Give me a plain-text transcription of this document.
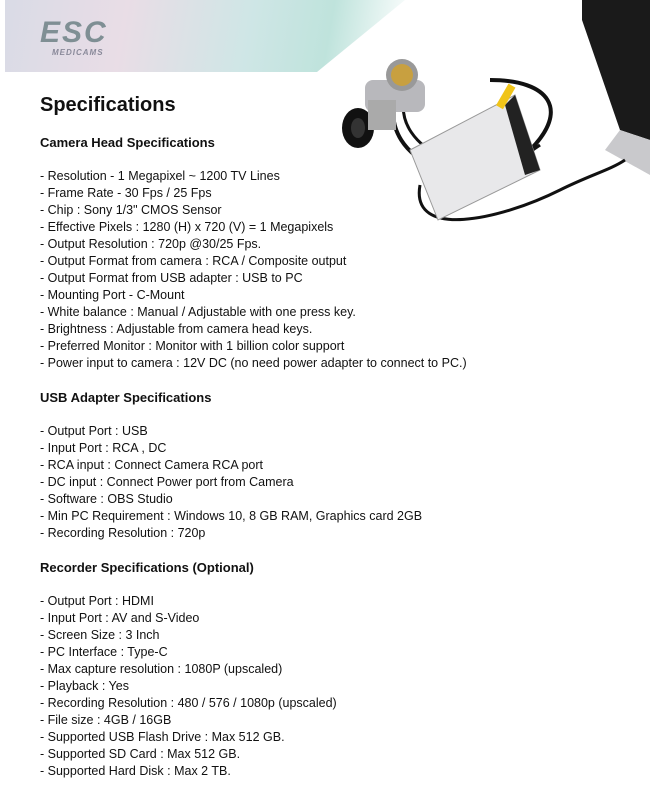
ESC
MEDICAMS
Specifications
Camera Head Specifications
- Resolution - 1 Megapixel ~ 1200 TV Lines
- Frame Rate - 30 Fps / 25 Fps
- Chip : Sony 1/3" CMOS Sensor
- Effective Pixels : 1280 (H) x 720 (V) = 1 Megapixels
- Output Resolution : 720p @30/25 Fps.
- Output Format from camera : RCA / Composite output
- Output Format from USB adapter : USB to PC
- Mounting Port - C-Mount
- White balance : Manual / Adjustable with one press key.
- Brightness : Adjustable from camera head keys.
- Preferred Monitor : Monitor with 1 billion color support
- Power input to camera : 12V DC (no need power adapter to connect to PC.)
USB Adapter Specifications
- Output Port : USB
- Input Port : RCA , DC
- RCA input : Connect Camera RCA port
- DC input : Connect Power port from Camera
- Software : OBS Studio
- Min PC Requirement : Windows 10, 8 GB RAM, Graphics card 2GB
- Recording Resolution : 720p
Recorder Specifications (Optional)
- Output Port : HDMI
- Input Port : AV and S-Video
- Screen Size : 3 Inch
- PC Interface : Type-C
- Max capture resolution : 1080P (upscaled)
- Playback : Yes
- Recording Resolution : 480 / 576 / 1080p (upscaled)
- File size : 4GB / 16GB
- Supported USB Flash Drive : Max 512 GB.
- Supported SD Card : Max 512 GB.
- Supported Hard Disk : Max 2 TB.
